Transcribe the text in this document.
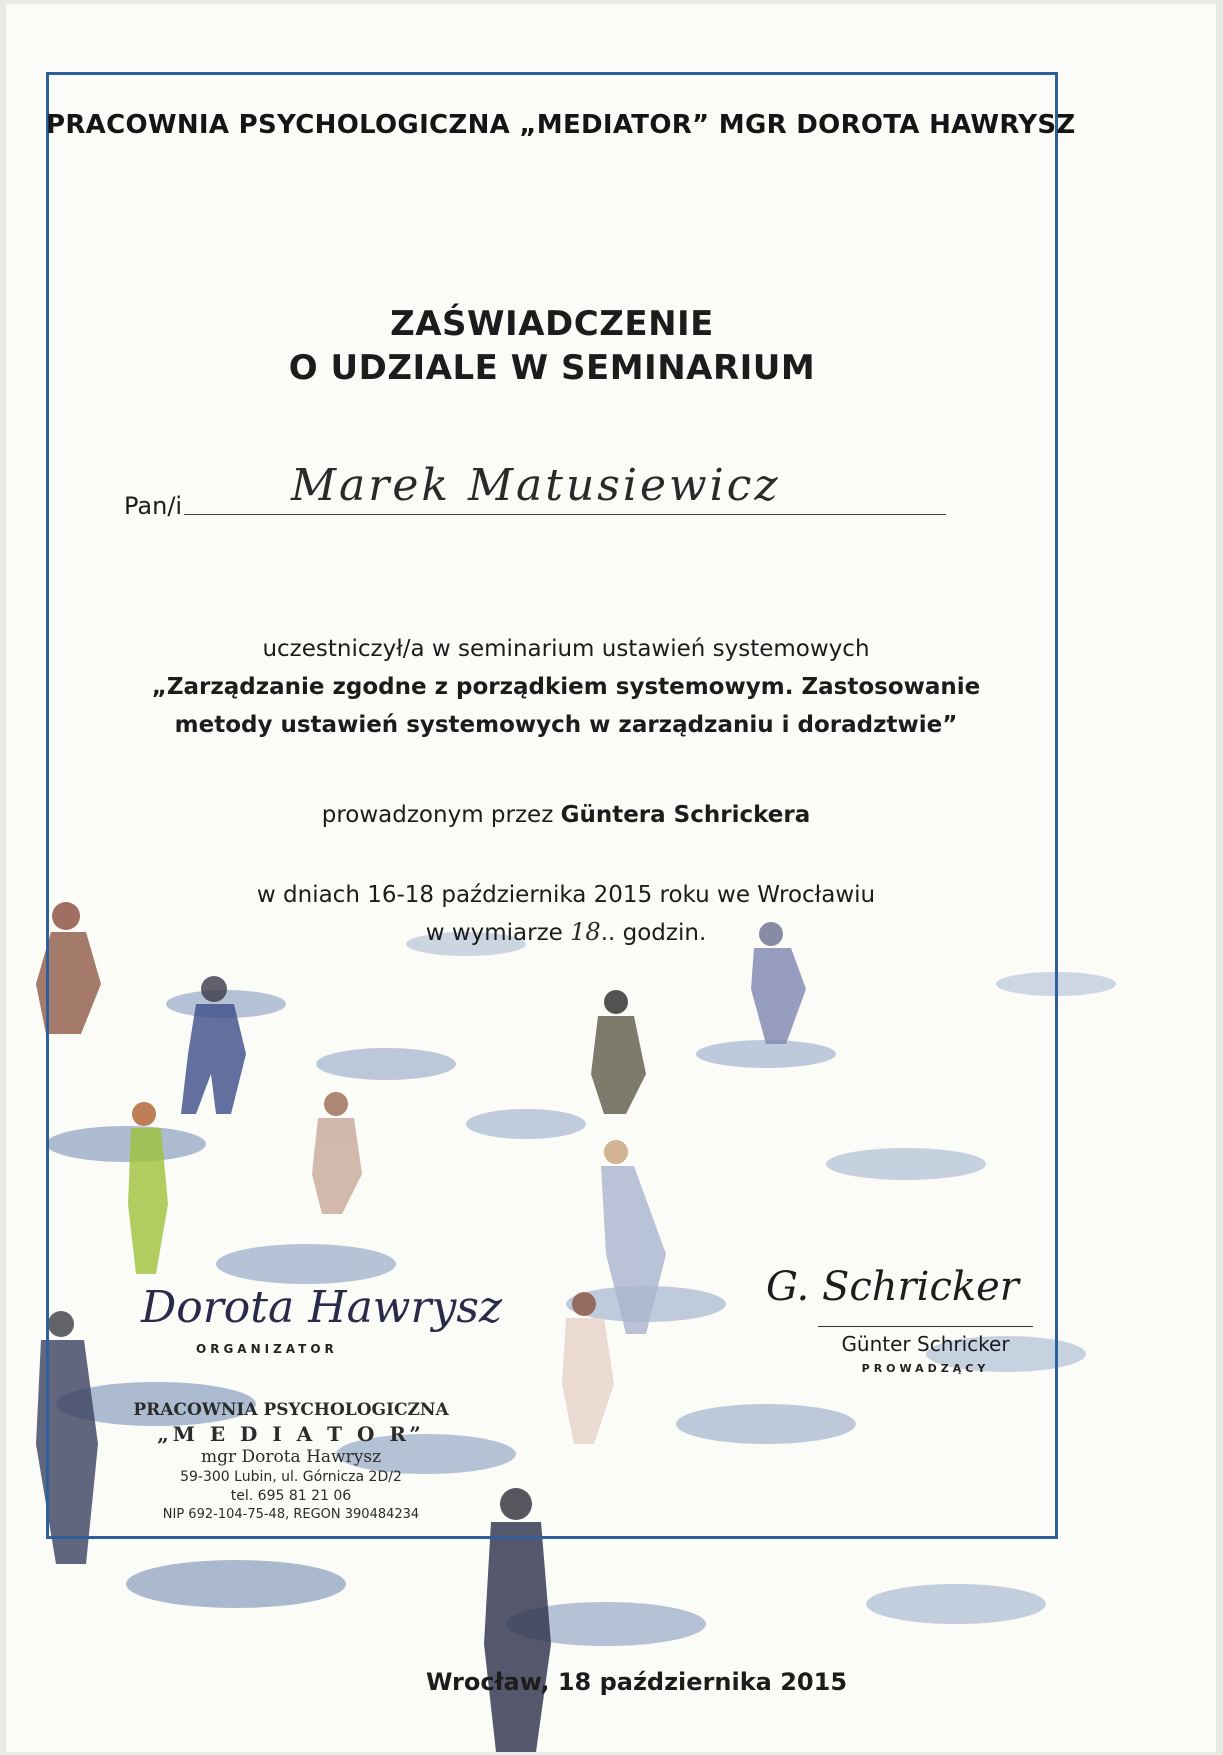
PRACOWNIA PSYCHOLOGICZNA „MEDIATOR” MGR DOROTA HAWRYSZ
ZAŚWIADCZENIE
O UDZIALE W SEMINARIUM
Pan/i Marek Matusiewicz
uczestniczył/a w seminarium ustawień systemowych
„Zarządzanie zgodne z porządkiem systemowym. Zastosowanie
metody ustawień systemowych w zarządzaniu i doradztwie”
prowadzonym przez Güntera Schrickera
w dniach 16-18 października 2015 roku we Wrocławiu
w wymiarze 18.. godzin.
Dorota Hawrysz
ORGANIZATOR
PRACOWNIA PSYCHOLOGICZNA
„M E D I A T O R”
mgr Dorota Hawrysz
59-300 Lubin, ul. Górnicza 2D/2
tel. 695 81 21 06
NIP 692-104-75-48, REGON 390484234
G. Schricker
Günter Schricker
PROWADZĄCY
Wrocław, 18 października 2015
